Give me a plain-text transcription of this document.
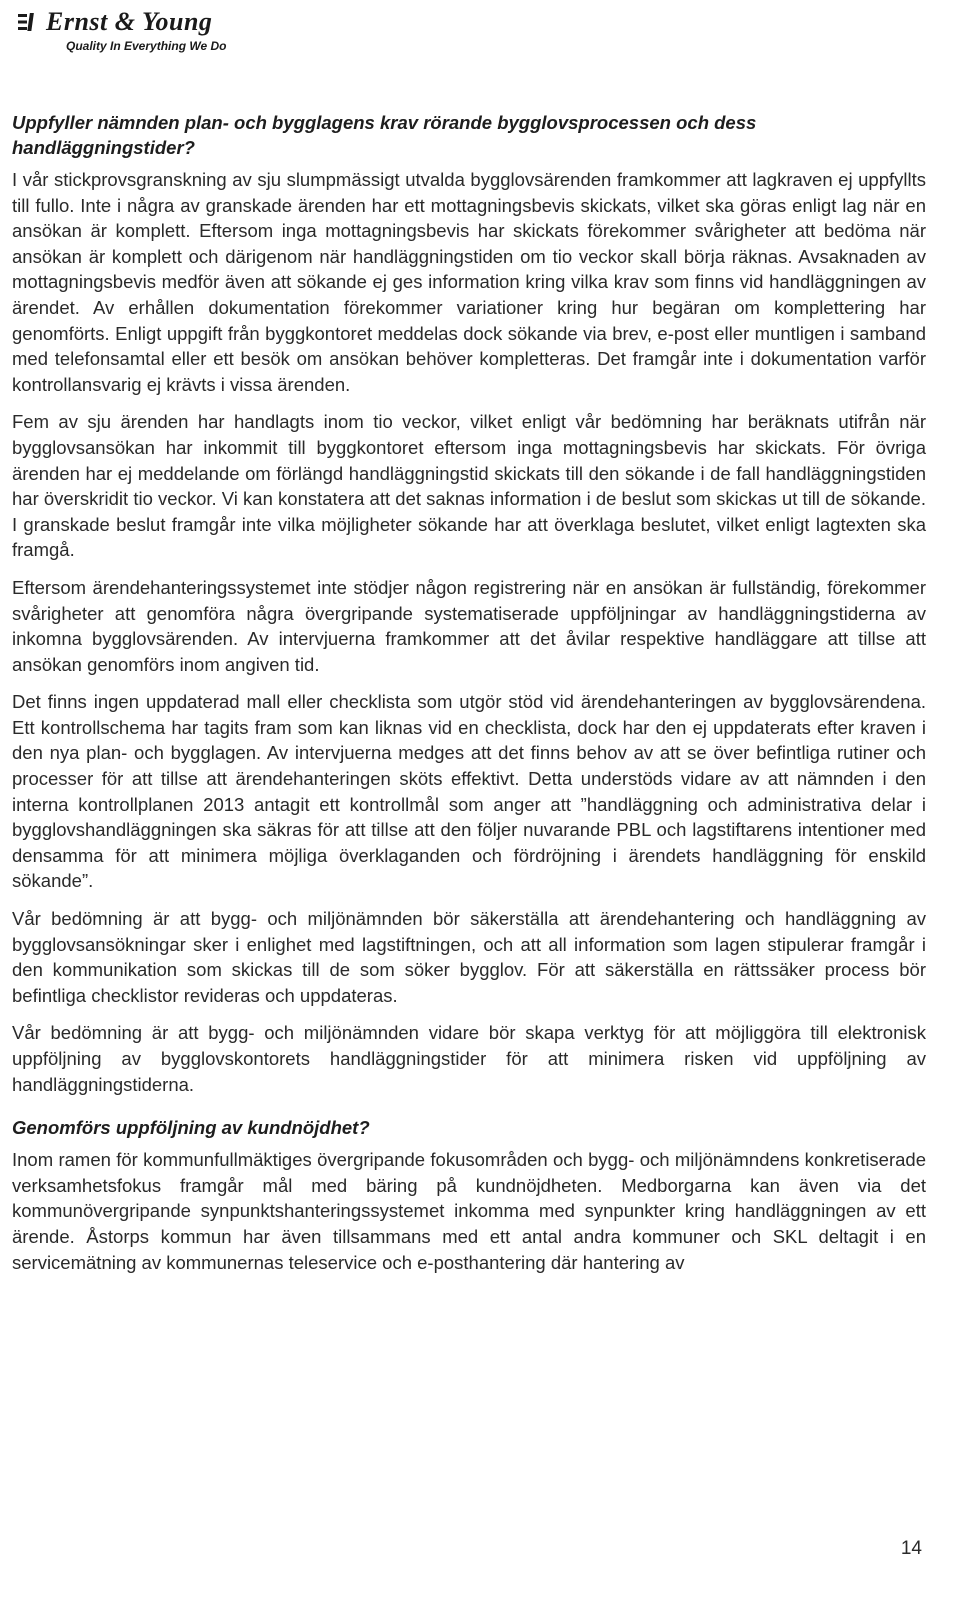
Ernst & Young
Quality In Everything We Do
Uppfyller nämnden plan- och bygglagens krav rörande bygglovsprocessen och dess handläggningstider?

I vår stickprovsgranskning av sju slumpmässigt utvalda bygglovsärenden framkommer att lagkraven ej uppfyllts till fullo. Inte i några av granskade ärenden har ett mottagningsbevis skickats, vilket ska göras enligt lag när en ansökan är komplett. Eftersom inga mottagningsbevis har skickats förekommer svårigheter att bedöma när ansökan är komplett och därigenom när handläggningstiden om tio veckor skall börja räknas. Avsaknaden av mottagningsbevis medför även att sökande ej ges information kring vilka krav som finns vid handläggningen av ärendet. Av erhållen dokumentation förekommer variationer kring hur begäran om komplettering har genomförts. Enligt uppgift från byggkontoret meddelas dock sökande via brev, e-post eller muntligen i samband med telefonsamtal eller ett besök om ansökan behöver kompletteras. Det framgår inte i dokumentation varför kontrollansvarig ej krävts i vissa ärenden.

Fem av sju ärenden har handlagts inom tio veckor, vilket enligt vår bedömning har beräknats utifrån när bygglovsansökan har inkommit till byggkontoret eftersom inga mottagningsbevis har skickats. För övriga ärenden har ej meddelande om förlängd handläggningstid skickats till den sökande i de fall handläggningstiden har överskridit tio veckor. Vi kan konstatera att det saknas information i de beslut som skickas ut till de sökande. I granskade beslut framgår inte vilka möjligheter sökande har att överklaga beslutet, vilket enligt lagtexten ska framgå.

Eftersom ärendehanteringssystemet inte stödjer någon registrering när en ansökan är fullständig, förekommer svårigheter att genomföra några övergripande systematiserade uppföljningar av handläggningstiderna av inkomna bygglovsärenden. Av intervjuerna framkommer att det åvilar respektive handläggare att tillse att ansökan genomförs inom angiven tid.

Det finns ingen uppdaterad mall eller checklista som utgör stöd vid ärendehanteringen av bygglovsärendena. Ett kontrollschema har tagits fram som kan liknas vid en checklista, dock har den ej uppdaterats efter kraven i den nya plan- och bygglagen. Av intervjuerna medges att det finns behov av att se över befintliga rutiner och processer för att tillse att ärendehanteringen sköts effektivt. Detta understöds vidare av att nämnden i den interna kontrollplanen 2013 antagit ett kontrollmål som anger att ”handläggning och administrativa delar i bygglovshandläggningen ska säkras för att tillse att den följer nuvarande PBL och lagstiftarens intentioner med densamma för att minimera möjliga överklaganden och fördröjning i ärendets handläggning för enskild sökande”.

Vår bedömning är att bygg- och miljönämnden bör säkerställa att ärendehantering och handläggning av bygglovsansökningar sker i enlighet med lagstiftningen, och att all information som lagen stipulerar framgår i den kommunikation som skickas till de som söker bygglov. För att säkerställa en rättssäker process bör befintliga checklistor revideras och uppdateras.

Vår bedömning är att bygg- och miljönämnden vidare bör skapa verktyg för att möjliggöra till elektronisk uppföljning av bygglovskontorets handläggningstider för att minimera risken vid uppföljning av handläggningstiderna.

Genomförs uppföljning av kundnöjdhet?

Inom ramen för kommunfullmäktiges övergripande fokusområden och bygg- och miljönämndens konkretiserade verksamhetsfokus framgår mål med bäring på kundnöjdheten. Medborgarna kan även via det kommunövergripande synpunktshanteringssystemet inkomma med synpunkter kring handläggningen av ett ärende. Åstorps kommun har även tillsammans med ett antal andra kommuner och SKL deltagit i en servicemätning av kommunernas teleservice och e-posthantering där hantering av

14
